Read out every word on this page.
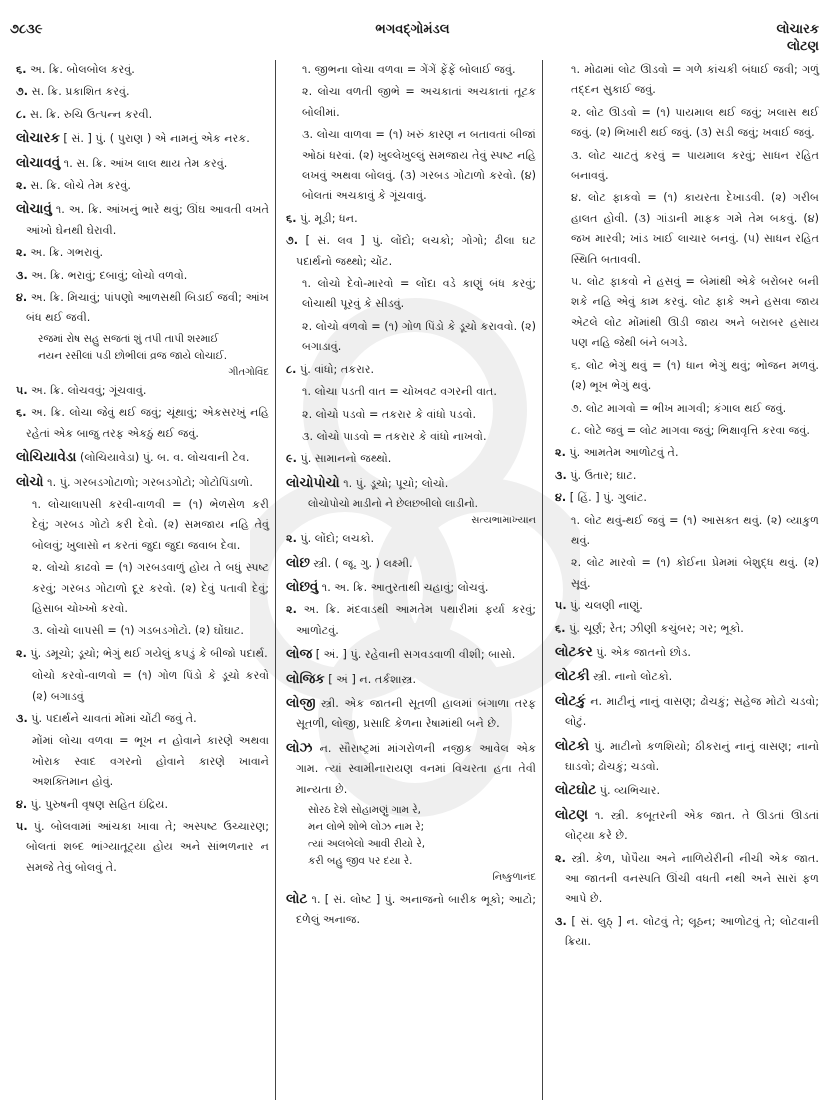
૭૮૩૯	ભગવદ્ગોમંડલ	લોચારક
લોટણ
૬. અ. ક્રિ. બોલબોલ કરવું.
૭. સ. ક્રિ. પ્રકાશિત કરવું.
૮. સ. ક્રિ. રુચિ ઉત્પન્ન કરવી.
લોચારક [ સં. ] પું. ( પુરાણ ) એ નામનું એક નરક.
લોચાવવું ૧. સ. ક્રિ. આંખ લાલ થાય તેમ કરવું.
૨. સ. ક્રિ. લોચે તેમ કરવું.
લોચાવું ૧. અ. ક્રિ. આંખનું ભારે થવું; ઊંઘ આવતી વખતે આંખો ઘેનથી ઘેરાવી.
૨. અ. ક્રિ. ગભરાવું.
૩. અ. ક્રિ. ભરાવું; દબાવું; લોચો વળવો.
૪. અ. ક્રિ. મિચાવું; પાંપણો આળસથી બિડાઈ જવી; આંખ બંધ થઈ જવી.
રજમાં રોષ સહુ સજતાં શું તપી તાપી શરમાઈ
નયન રસીલાં પડી છોભીલાં વ્રજ જાયે લોચાઈ.
ગીતગોવિંદ
૫. અ. ક્રિ. લોચવવું; ગૂંચવાવું.
૬. અ. ક્રિ. લોચા જેવું થઈ જવું; ચૂંથાવું; એકસરખું નહિ રહેતાં એક બાજુ તરફ એકઠું થઈ જવું.
લોચિયાવેડા (લોચિયાવેડા) પું. બ. વ. લોચવાની ટેવ.
લોચો ૧. પું. ગરબડગોટાળો; ગરબડગોટો; ગોટોપિંડાળો.
૧. લોચાલાપસી કરવી-વાળવી = (૧) ભેળસેળ કરી દેવું; ગરબડ ગોટો કરી દેવો. (૨) સમજાય નહિ તેવું બોલવું; ખુલાસો ન કરતાં જુદા જુદા જવાબ દેવા.
૨. લોચો કાઢવો = (૧) ગરબડવાળું હોય તે બધું સ્પષ્ટ કરવું; ગરબડ ગોટાળો દૂર કરવો. (૨) દેવું પતાવી દેવું; હિસાબ ચોખ્ખો કરવો.
૩. લોચો લાપસી = (૧) ગડબડગોટો. (૨) ઘોંઘાટ.
૨. પું. ડમૂચો; ડૂચો; ભેગું થઈ ગયેલું કપડું કે બીજો પદાર્થ.
લોચો કરવો-વાળવો = (૧) ગોળ પિંડો કે ડૂચો કરવો (૨) બગાડવું
૩. પું. પદાર્થને ચાવતાં મોંમાં ચોંટી જવું તે.
મોંમાં લોચા વળવા = ભૂખ ન હોવાને કારણે અથવા ખોરાક સ્વાદ વગરનો હોવાને કારણે ખાવાને અશક્તિમાન હોવું.
૪. પું. પુરુષની વૃષણ સહિત ઇંદ્રિય.
૫. પું. બોલવામાં આંચકા ખાવા તે; અસ્પષ્ટ ઉચ્ચારણ; બોલતાં શબ્દ ભાંગ્યાતૂટ્યા હોય અને સાંભળનાર ન સમજે તેવું બોલવું તે.
૧. જીભના લોચા વળવા = ગેંગેં ફેંફેં બોલાઈ જવું.
૨. લોચા વળતી જીભે = અચકાતાં અચકાતાં તૂટક બોલીમાં.
૩. લોચા વાળવા = (૧) ખરું કારણ ન બતાવતાં બીજાં ઓઠાં ધરવાં. (૨) ખુલ્લેખુલ્લું સમજાય તેવું સ્પષ્ટ નહિ લખવું અથવા બોલવું. (૩) ગરબડ ગોટાળો કરવો. (૪) બોલતાં અચકાવું કે ગૂંચવાવું.
૬. પું. મૂડી; ધન.
૭. [ સં. લવ ] પું. લોંદો; લચકો; ગોગો; ઢીલા ઘટ પદાર્થનો જથ્થો; ચોંટ.
૧. લોચો દેવો-મારવો = લોંદા વડે કાણું બંધ કરવું; લોચાથી પૂરવું કે સીડવું.
૨. લોચો વળવો = (૧) ગોળ પિંડો કે ડૂચો કરાવવો. (૨) બગાડાવું.
૮. પું. વાંધો; તકરાર.
૧. લોચા પડતી વાત = ચોખવટ વગરની વાત.
૨. લોચો પડવો = તકરાર કે વાંધો પડવો.
૩. લોચો પાડવો = તકરાર કે વાંધો નાખવો.
૯. પું. સામાનનો જથ્થો.
લોચોપોચો ૧. પું. ડૂચો; પૂચો; લોચો.
લોચોપોચો માડીનો ને છેલછબીલો લાડીનો.
સત્યભામાખ્યાન
૨. પું. લોંદો; લચકો.
લોછ સ્ત્રી. ( જૂ. ગુ. ) લક્ષ્મી.
લોછવું ૧. અ. ક્રિ. આતુરતાથી ચહાવું; લોચવું.
૨. અ. ક્રિ. મંદવાડથી આમતેમ પથારીમાં ફર્યા કરવું; આળોટવું.
લોજ [ અં. ] પું. રહેવાની સગવડવાળી વીશી; બાસો.
લોજિક [ અં ] ન. તર્કશાસ્ત્ર.
લોજી સ્ત્રી. એક જાતની સૂતળી હાલમાં બંગાળા તરફ સૂતળી, લોજી, પ્રસાદિ કેળના રેષામાંથી બને છે.
લોઝ ન. સૌરાષ્ટ્રમાં માંગરોળની નજીક આવેલ એક ગામ. ત્યાં સ્વામીનારાયણ વનમાં વિચરતા હતા તેવી માન્યતા છે.
સોરઠ દેશે સોહામણું ગામ રે,
મન લોભે શોભે લોઝ નામ રે;
ત્યાં અલબેલો આવી રીયો રે,
કરી બહુ જીવ પર દયા રે.
નિષ્કુળાનંદ
લોટ ૧. [ સં. લોષ્ટ ] પું. અનાજનો બારીક ભૂકો; આટો; દળેલું અનાજ.
૧. મોઢામાં લોટ ઊડવો = ગળે કાંચકી બંધાઈ જવી; ગળું તદ્દન સુકાઈ જવું.
૨. લોટ ઊડવો = (૧) પાયમાલ થઈ જવું; ખલાસ થઈ જવું. (૨) ભિખારી થઈ જવું. (૩) સડી જવું; ખવાઈ જવું.
૩. લોટ ચાટતું કરવું = પાયમાલ કરવું; સાધન રહિત બનાવવું.
૪. લોટ ફાકવો = (૧) કાયરતા દેખાડવી. (૨) ગરીબ હાલત હોવી. (૩) ગાંડાની માફક ગમે તેમ બકવું. (૪) જખ મારવી; ખાંડ ખાઈ લાચાર બનવું. (૫) સાધન રહિત સ્થિતિ બતાવવી.
૫. લોટ ફાકવો ને હસવું = બેમાંથી એકે બરોબર બની શકે નહિ એવું કામ કરવું. લોટ ફાકે અને હસવા જાય એટલે લોટ મોંમાંથી ઊડી જાય અને બરાબર હસાય પણ નહિ જેથી બંને બગડે.
૬. લોટ ભેગું થવું = (૧) ધાન ભેગું થવું; ભોજન મળવું. (૨) ભૂખ ભેગું થવું.
૭. લોટ માગવો = ભીખ માગવી; કંગાલ થઈ જવું.
૮. લોટે જવું = લોટ માગવા જવું; ભિક્ષાવૃત્તિ કરવા જવું.
૨. પું. આમતેમ આળોટવું તે.
૩. પું. ઉતાર; ઘાટ.
૪. [ હિં. ] પું. ગુલાંટ.
૧. લોટ થવું-થઈ જવું = (૧) આસક્ત થવું. (૨) વ્યાકુળ થવું.
૨. લોટ મારવો = (૧) કોઈના પ્રેમમાં બેશુદ્ધ થવું. (૨) સૂવું.
૫. પું. ચલણી નાણું.
૬. પું. ચૂર્ણ; રેત; ઝીણી કચુંબર; ગર; ભૂકો.
લોટકર પું. એક જાતનો છોડ.
લોટકી સ્ત્રી. નાનો લોટકો.
લોટકું ન. માટીનું નાનું વાસણ; ઢોચકું; સહેજ મોટો ચડવો; લોટું.
લોટકો પું. માટીનો કળશિયો; ઠીકરાનું નાનું વાસણ; નાનો ઘાડવો; ઢોચકું; ચડવો.
લોટઘોટ પું. વ્યભિચાર.
લોટણ ૧. સ્ત્રી. કબૂતરની એક જાત. તે ઊડતાં ઊડતાં લોટ્યા કરે છે.
૨. સ્ત્રી. કેળ, પોપૈયા અને નાળિયેરીની નીચી એક જાત. આ જાતની વનસ્પતિ ઊંચી વધતી નથી અને સારાં ફળ આપે છે.
૩. [ સં. લુઠ્ ] ન. લોટવું તે; લૂઠન; આળોટવું તે; લોટવાની ક્રિયા.
